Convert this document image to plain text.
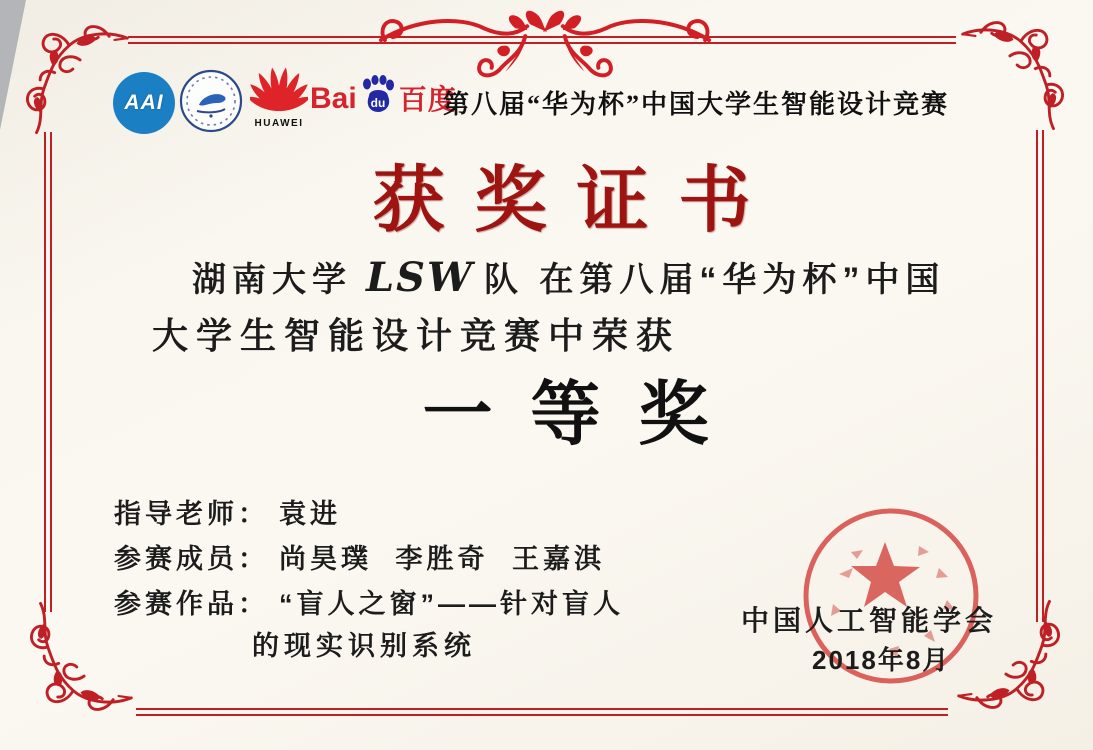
AAI
HUAWEI
Bai du 百度
第八届“华为杯”中国大学生智能设计竞赛
获奖证书
湖南大学 LSW 队 在第八届“华为杯”中国
大学生智能设计竞赛中荣获
一等奖
指导老师： 袁进
参赛成员： 尚昊璞 李胜奇 王嘉淇
参赛作品： “盲人之窗”——针对盲人
的现实识别系统
中国人工智能学会
2018年8月
